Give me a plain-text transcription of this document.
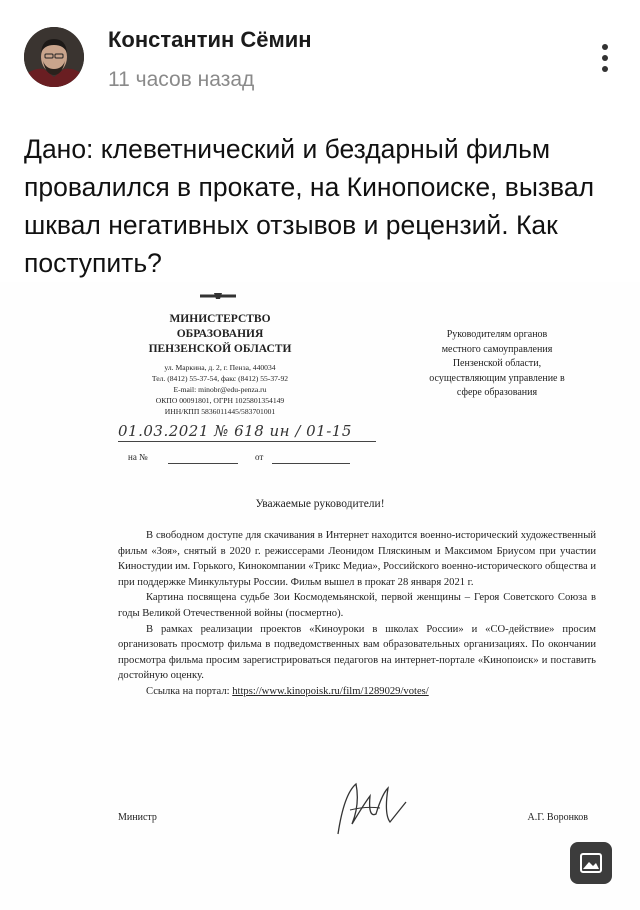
Константин Сёмин
11 часов назад
Дано: клеветнический и бездарный фильм провалился в прокате, на Кинопоиске, вызвал шквал негативных отзывов и рецензий. Как поступить?
МИНИСТЕРСТВО
ОБРАЗОВАНИЯ
ПЕНЗЕНСКОЙ ОБЛАСТИ
ул. Маркина, д. 2, г. Пенза, 440034
Тел. (8412) 55-37-54, факс (8412) 55-37-92
E-mail: minobr@edu-penza.ru
ОКПО 00091801, ОГРН 1025801354149
ИНН/КПП 5836011445/583701001
Руководителям органов
местного самоуправления
Пензенской области,
осуществляющим управление в
сфере образования
01.03.2021 № 618 ин / 01-15
на №	от
Уважаемые руководители!

В свободном доступе для скачивания в Интернет находится военно-исторический художественный фильм «Зоя», снятый в 2020 г. режиссерами Леонидом Пляскиным и Максимом Бриусом при участии Киностудии им. Горького, Кинокомпании «Трикс Медиа», Российского военно-исторического общества и при поддержке Минкультуры России. Фильм вышел в прокат 28 января 2021 г.

Картина посвящена судьбе Зои Космодемьянской, первой женщины – Героя Советского Союза в годы Великой Отечественной войны (посмертно).

В рамках реализации проектов «Киноуроки в школах России» и «СО-действие» просим организовать просмотр фильма в подведомственных вам образовательных организациях. По окончании просмотра фильма просим зарегистрироваться педагогов на интернет-портале «Кинопоиск» и поставить достойную оценку.

Ссылка на портал: https://www.kinopoisk.ru/film/1289029/votes/

Министр	А.Г. Воронков
